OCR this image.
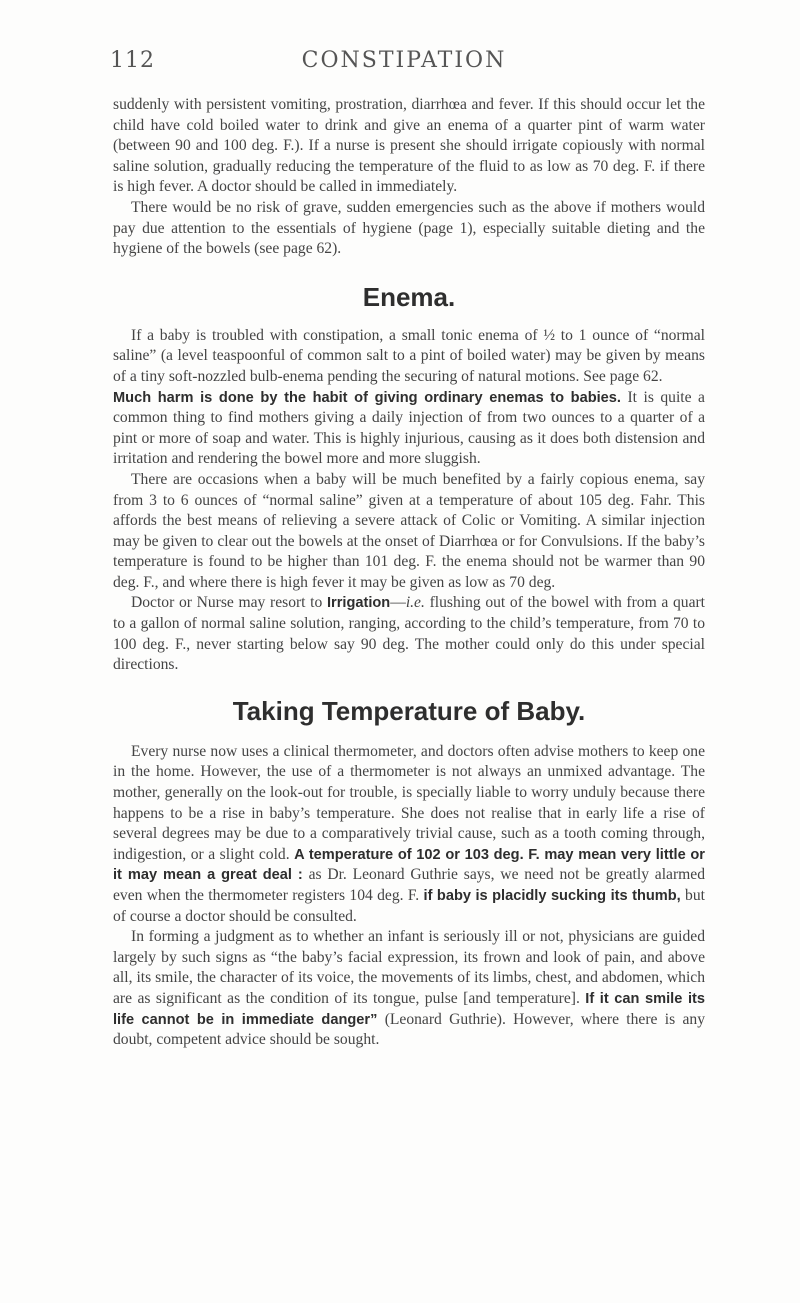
112	CONSTIPATION

suddenly with persistent vomiting, prostration, diarrhœa and fever. If this should occur let the child have cold boiled water to drink and give an enema of a quarter pint of warm water (between 90 and 100 deg. F.). If a nurse is present she should irrigate copiously with normal saline solution, gradually reducing the temperature of the fluid to as low as 70 deg. F. if there is high fever. A doctor should be called in immediately.

There would be no risk of grave, sudden emergencies such as the above if mothers would pay due attention to the essentials of hygiene (page 1), especially suitable dieting and the hygiene of the bowels (see page 62).

Enema.

If a baby is troubled with constipation, a small tonic enema of ½ to 1 ounce of “normal saline” (a level teaspoonful of common salt to a pint of boiled water) may be given by means of a tiny soft-nozzled bulb-enema pending the securing of natural motions. See page 62.

Much harm is done by the habit of giving ordinary enemas to babies. It is quite a common thing to find mothers giving a daily injection of from two ounces to a quarter of a pint or more of soap and water. This is highly injurious, causing as it does both distension and irritation and rendering the bowel more and more sluggish.

There are occasions when a baby will be much benefited by a fairly copious enema, say from 3 to 6 ounces of “normal saline” given at a temperature of about 105 deg. Fahr. This affords the best means of relieving a severe attack of Colic or Vomiting. A similar injection may be given to clear out the bowels at the onset of Diarrhœa or for Convulsions. If the baby’s temperature is found to be higher than 101 deg. F. the enema should not be warmer than 90 deg. F., and where there is high fever it may be given as low as 70 deg.

Doctor or Nurse may resort to Irrigation—i.e. flushing out of the bowel with from a quart to a gallon of normal saline solution, ranging, according to the child’s temperature, from 70 to 100 deg. F., never starting below say 90 deg. The mother could only do this under special directions.

Taking Temperature of Baby.

Every nurse now uses a clinical thermometer, and doctors often advise mothers to keep one in the home. However, the use of a thermometer is not always an unmixed advantage. The mother, generally on the look-out for trouble, is specially liable to worry unduly because there happens to be a rise in baby’s temperature. She does not realise that in early life a rise of several degrees may be due to a comparatively trivial cause, such as a tooth coming through, indigestion, or a slight cold. A temperature of 102 or 103 deg. F. may mean very little or it may mean a great deal : as Dr. Leonard Guthrie says, we need not be greatly alarmed even when the thermometer registers 104 deg. F. if baby is placidly sucking its thumb, but of course a doctor should be consulted.

In forming a judgment as to whether an infant is seriously ill or not, physicians are guided largely by such signs as “the baby’s facial expression, its frown and look of pain, and above all, its smile, the character of its voice, the movements of its limbs, chest, and abdomen, which are as significant as the condition of its tongue, pulse [and temperature]. If it can smile its life cannot be in immediate danger” (Leonard Guthrie). However, where there is any doubt, competent advice should be sought.
